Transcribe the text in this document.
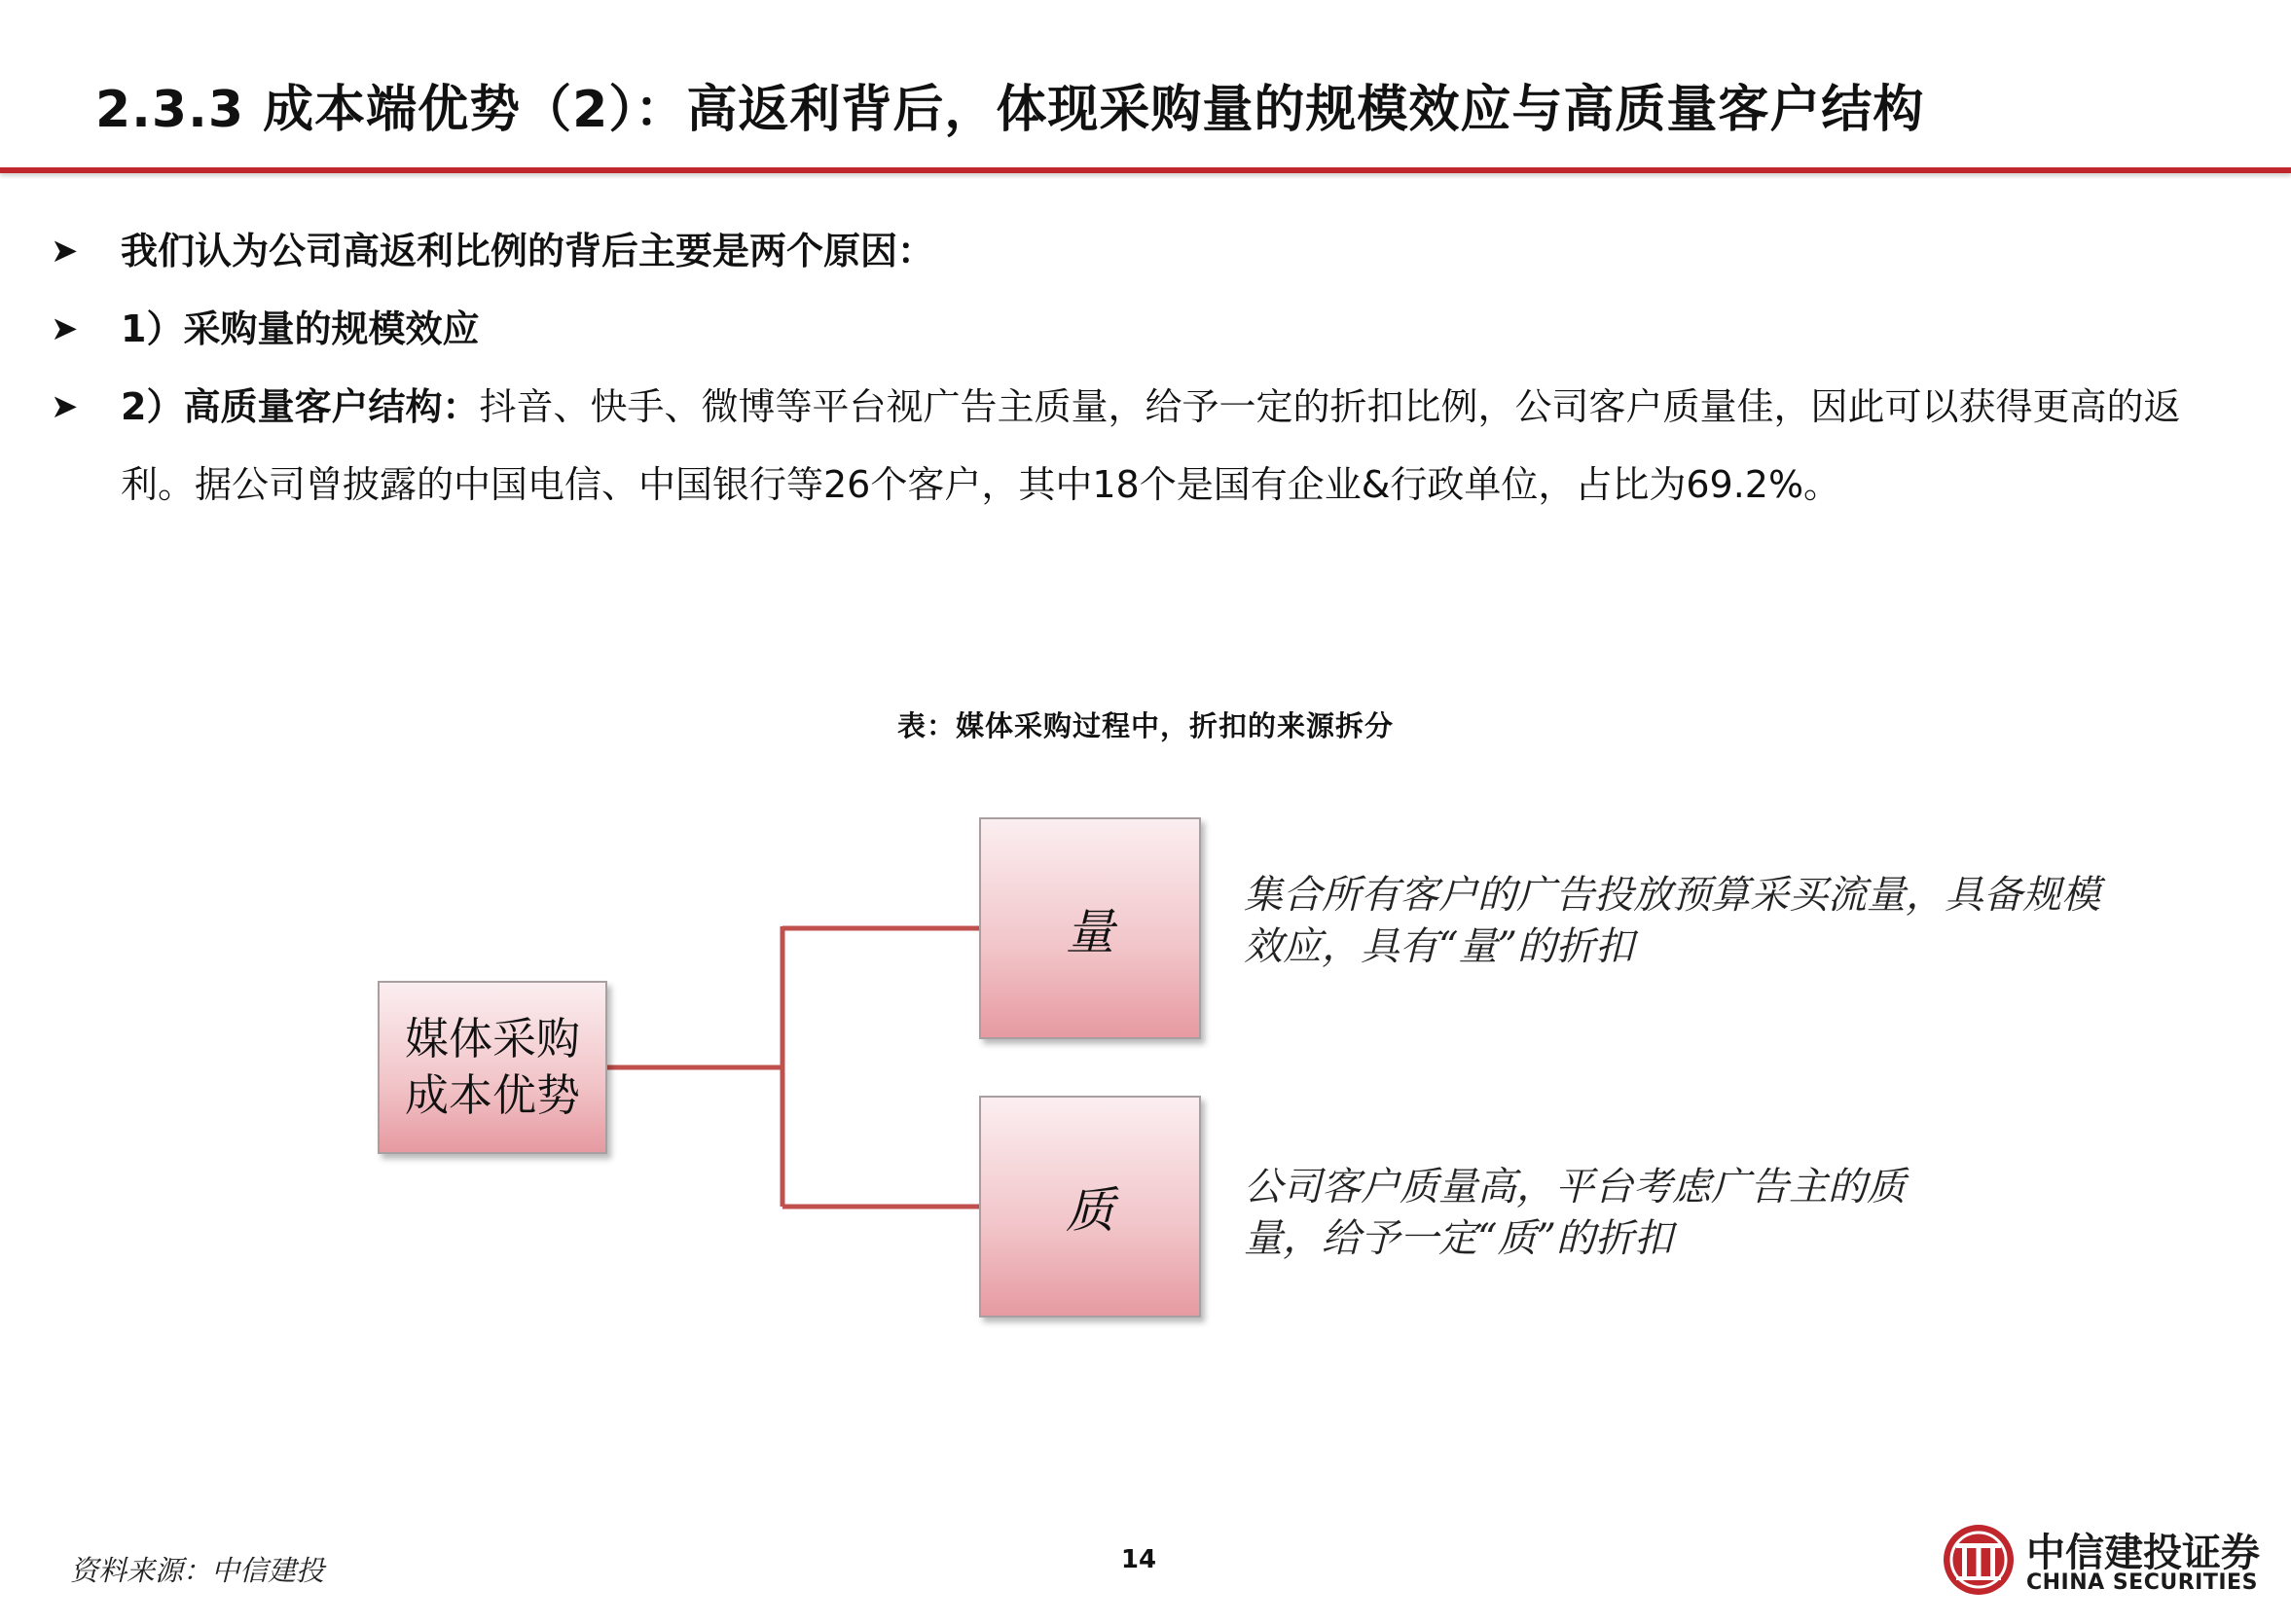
2.3.3 成本端优势（2）：高返利背后，体现采购量的规模效应与高质量客户结构
➤ 我们认为公司高返利比例的背后主要是两个原因：
➤ 1）采购量的规模效应
➤ 2）高质量客户结构：抖音、快手、微博等平台视广告主质量，给予一定的折扣比例，公司客户质量佳，因此可以获得更高的返利。据公司曾披露的中国电信、中国银行等26个客户，其中18个是国有企业&行政单位，占比为69.2%。

表：媒体采购过程中，折扣的来源拆分

媒体采购
成本优势
量
质

集合所有客户的广告投放预算采买流量，具备规模效应，具有“量”的折扣

公司客户质量高，平台考虑广告主的质量，给予一定“质”的折扣

资料来源：中信建投	14	中信建投证券
CHINA SECURITIES
